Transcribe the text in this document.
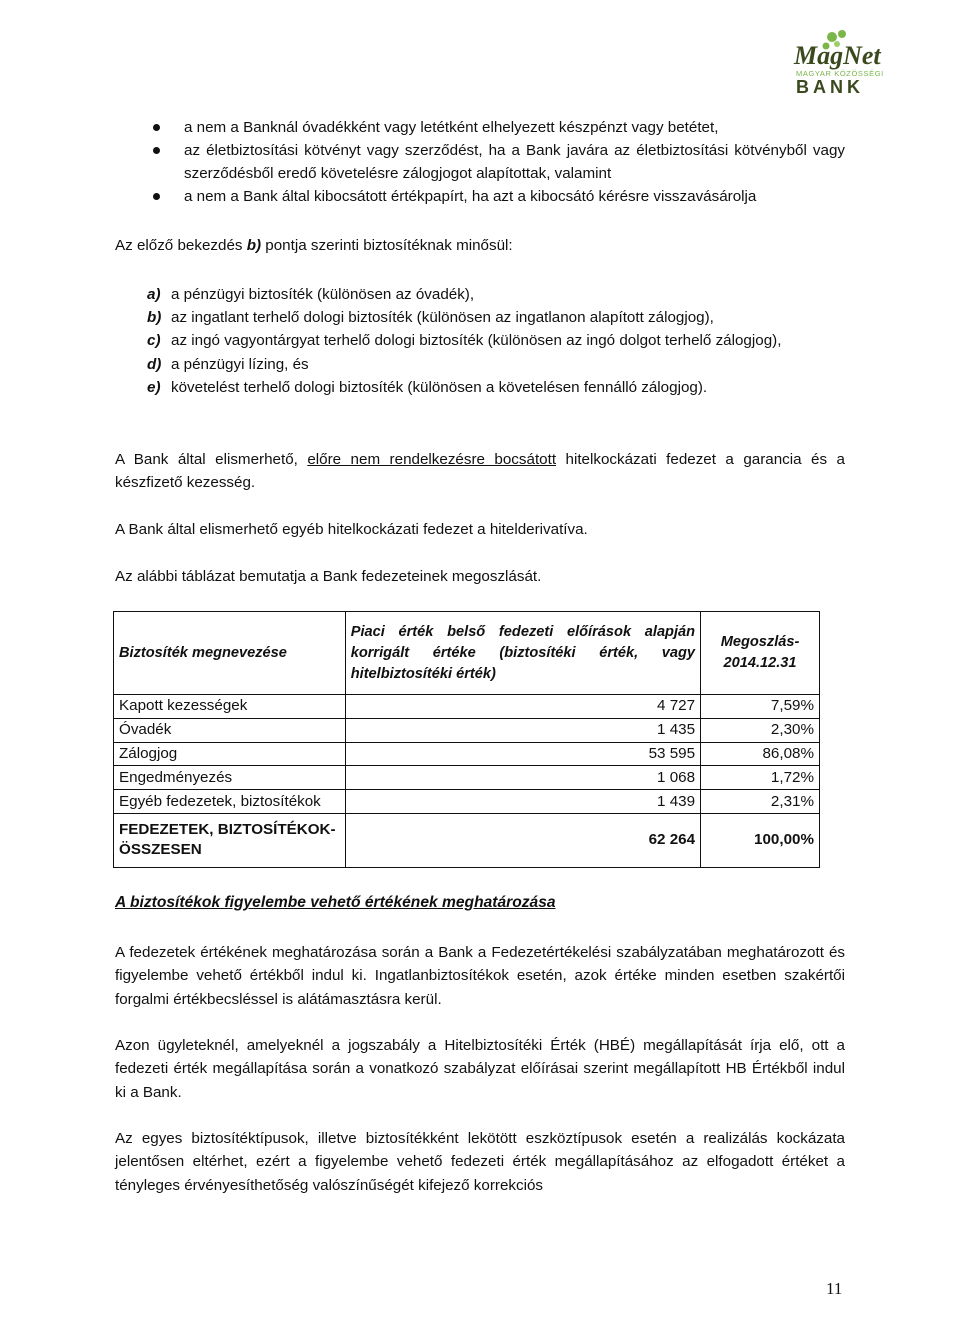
MagNet
MAGYAR KÖZÖSSÉGI
BANK
a nem a Banknál óvadékként vagy letétként elhelyezett készpénzt vagy betétet,
az életbiztosítási kötvényt vagy szerződést, ha a Bank javára az életbiztosítási kötvényből vagy szerződésből eredő követelésre zálogjogot alapítottak, valamint
a nem a Bank által kibocsátott értékpapírt, ha azt a kibocsátó kérésre visszavásárolja

Az előző bekezdés b) pontja szerinti biztosítéknak minősül:

a) a pénzügyi biztosíték (különösen az óvadék),
b) az ingatlant terhelő dologi biztosíték (különösen az ingatlanon alapított zálogjog),
c) az ingó vagyontárgyat terhelő dologi biztosíték (különösen az ingó dolgot terhelő zálogjog),
d) a pénzügyi lízing, és
e) követelést terhelő dologi biztosíték (különösen a követelésen fennálló zálogjog).

A Bank által elismerhető, előre nem rendelkezésre bocsátott hitelkockázati fedezet a garancia és a készfizető kezesség.

A Bank által elismerhető egyéb hitelkockázati fedezet a hitelderivatíva.

Az alábbi táblázat bemutatja a Bank fedezeteinek megoszlását.

Biztosíték megnevezése	Piaci érték belső fedezeti előírások alapján korrigált értéke (biztosítéki érték, vagy hitelbiztosítéki érték)	Megoszlás-2014.12.31
Kapott kezességek	4 727	7,59%
Óvadék	1 435	2,30%
Zálogjog	53 595	86,08%
Engedményezés	1 068	1,72%
Egyéb fedezetek, biztosítékok	1 439	2,31%
FEDEZETEK, BIZTOSÍTÉKOK-ÖSSZESEN	62 264	100,00%

A biztosítékok figyelembe vehető értékének meghatározása

A fedezetek értékének meghatározása során a Bank a Fedezetértékelési szabályzatában meghatározott és figyelembe vehető értékből indul ki. Ingatlanbiztosítékok esetén, azok értéke minden esetben szakértői forgalmi értékbecsléssel is alátámasztásra kerül.

Azon ügyleteknél, amelyeknél a jogszabály a Hitelbiztosítéki Érték (HBÉ) megállapítását írja elő, ott a fedezeti érték megállapítása során a vonatkozó szabályzat előírásai szerint megállapított HB Értékből indul ki a Bank.

Az egyes biztosítéktípusok, illetve biztosítékként lekötött eszköztípusok esetén a realizálás kockázata jelentősen eltérhet, ezért a figyelembe vehető fedezeti érték megállapításához az elfogadott értéket a tényleges érvényesíthetőség valószínűségét kifejező korrekciós

11
